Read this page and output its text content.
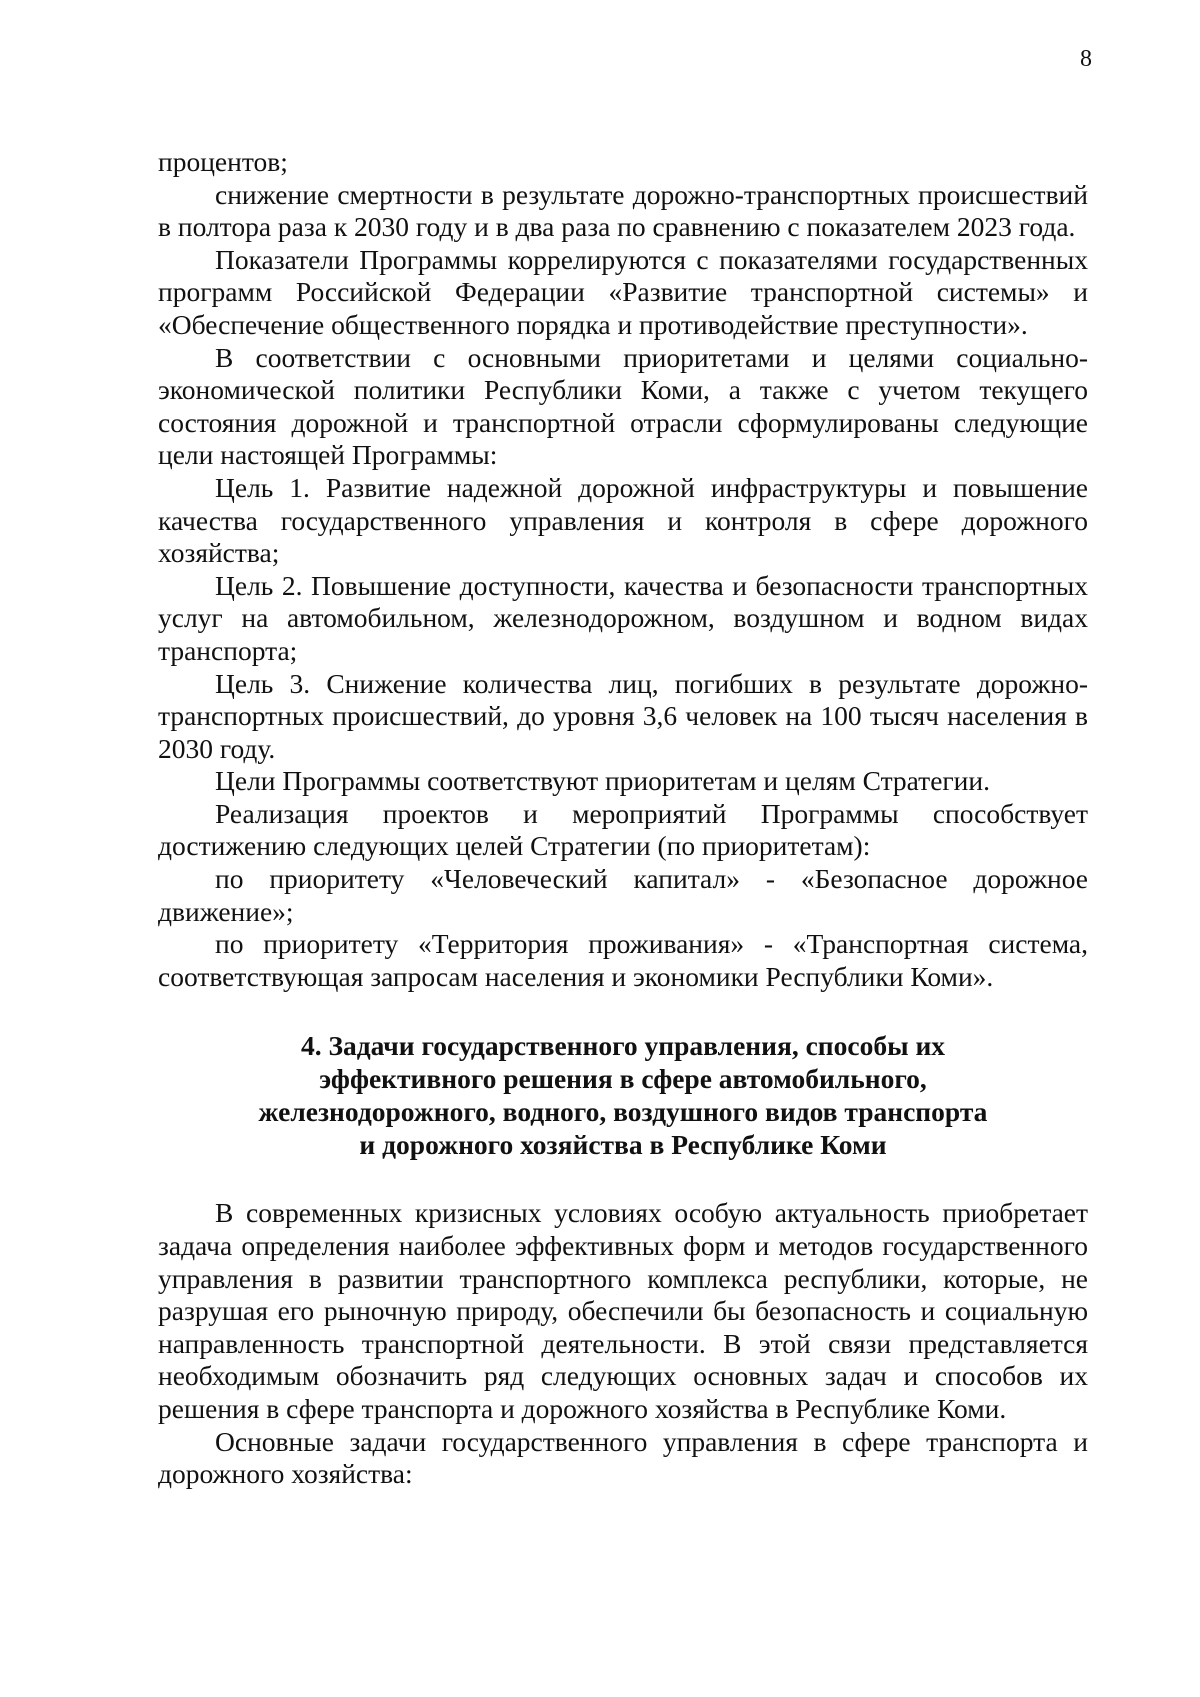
8

процентов;

снижение смертности в результате дорожно-транспортных происшествий в полтора раза к 2030 году и в два раза по сравнению с показателем 2023 года.

Показатели Программы коррелируются с показателями государственных программ Российской Федерации «Развитие транспортной системы» и «Обеспечение общественного порядка и противодействие преступности».

В соответствии с основными приоритетами и целями социально-экономической политики Республики Коми, а также с учетом текущего состояния дорожной и транспортной отрасли сформулированы следующие цели настоящей Программы:

Цель 1. Развитие надежной дорожной инфраструктуры и повышение качества государственного управления и контроля в сфере дорожного хозяйства;

Цель 2. Повышение доступности, качества и безопасности транспортных услуг на автомобильном, железнодорожном, воздушном и водном видах транспорта;

Цель 3. Снижение количества лиц, погибших в результате дорожно-транспортных происшествий, до уровня 3,6 человек на 100 тысяч населения в 2030 году.

Цели Программы соответствуют приоритетам и целям Стратегии.

Реализация проектов и мероприятий Программы способствует достижению следующих целей Стратегии (по приоритетам):

по приоритету «Человеческий капитал» - «Безопасное дорожное движение»;

по приоритету «Территория проживания» - «Транспортная система, соответствующая запросам населения и экономики Республики Коми».

4. Задачи государственного управления, способы их
эффективного решения в сфере автомобильного,
железнодорожного, водного, воздушного видов транспорта
и дорожного хозяйства в Республике Коми

В современных кризисных условиях особую актуальность приобретает задача определения наиболее эффективных форм и методов государственного управления в развитии транспортного комплекса республики, которые, не разрушая его рыночную природу, обеспечили бы безопасность и социальную направленность транспортной деятельности. В этой связи представляется необходимым обозначить ряд следующих основных задач и способов их решения в сфере транспорта и дорожного хозяйства в Республике Коми.

Основные задачи государственного управления в сфере транспорта и дорожного хозяйства:
